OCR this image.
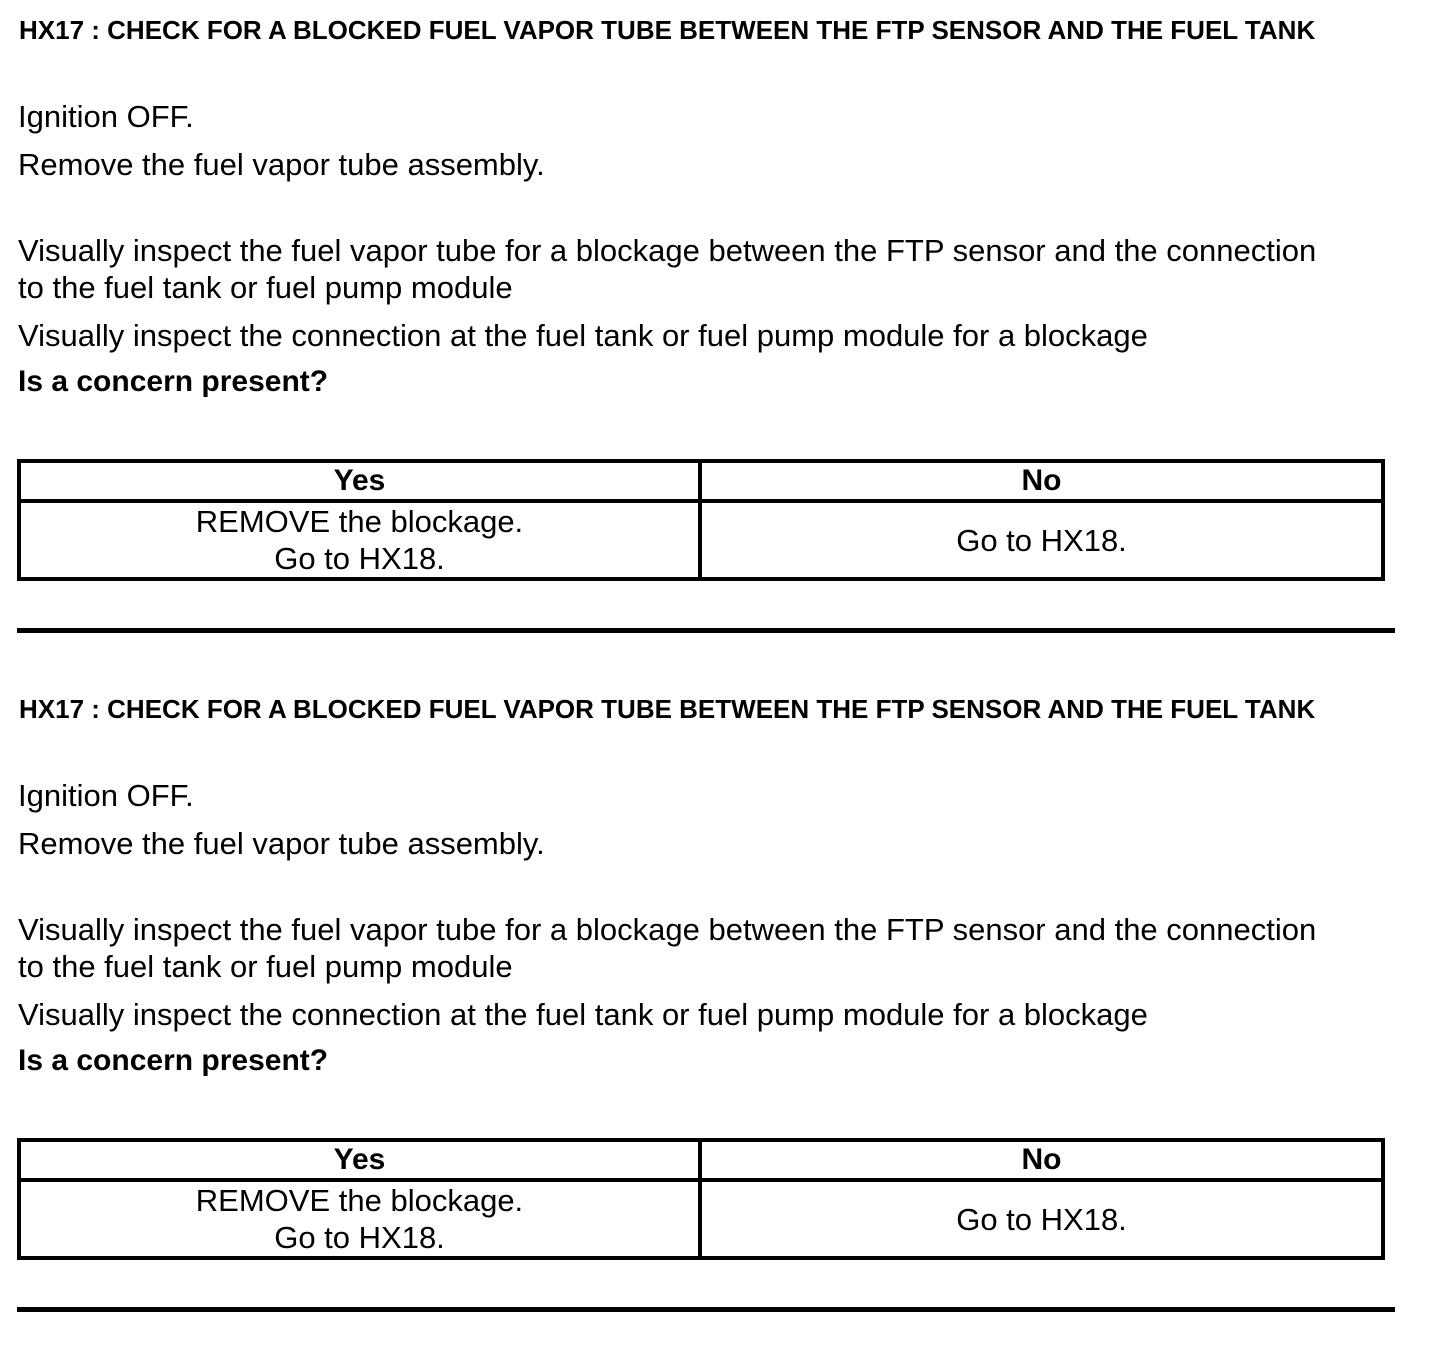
HX17 : CHECK FOR A BLOCKED FUEL VAPOR TUBE BETWEEN THE FTP SENSOR AND THE FUEL TANK
Ignition OFF.
Remove the fuel vapor tube assembly.
Visually inspect the fuel vapor tube for a blockage between the FTP sensor and the connection to the fuel tank or fuel pump module
Visually inspect the connection at the fuel tank or fuel pump module for a blockage
Is a concern present?
Yes	No

REMOVE the blockage.
Go to HX18.	Go to HX18.
HX17 : CHECK FOR A BLOCKED FUEL VAPOR TUBE BETWEEN THE FTP SENSOR AND THE FUEL TANK
Ignition OFF.
Remove the fuel vapor tube assembly.
Visually inspect the fuel vapor tube for a blockage between the FTP sensor and the connection to the fuel tank or fuel pump module
Visually inspect the connection at the fuel tank or fuel pump module for a blockage
Is a concern present?
Yes	No

REMOVE the blockage.
Go to HX18.	Go to HX18.
